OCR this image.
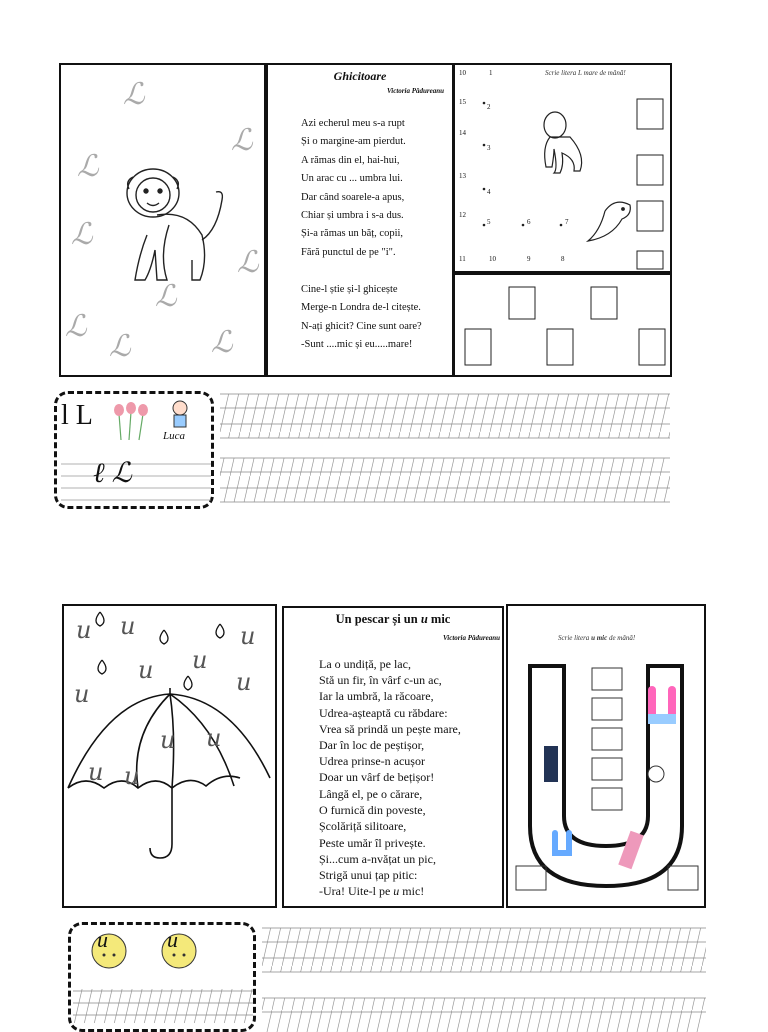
ℒ
ℒ
ℒ
ℒ
ℒ
ℒ
ℒ
ℒ	ℒ
Ghicitoare
Victoria Pădureanu
Azi echerul meu s-a rupt
Și o margine-am pierdut.
A rămas din el, hai-hui,
Un arac cu ... umbra lui.
Dar când soarele-a apus,
Chiar și umbra i s-a dus.
Și-a rămas un băț, copii,
Fără punctul de pe "i".
Cine-l știe și-l ghicește
Merge-n Londra de-l citește.
N-ați ghicit? Cine sunt oare?
-Sunt ....mic și eu.....mare!
Scrie litera L mare de mână!
10	1
15
2
14
3
13
4
12
5	6	7
11	10	9	8
l L
Luca
ℓ ℒ
u u	u
u u
u	u
u u
u u
Un pescar și un u mic
Victoria Pădureanu
La o undiță, pe lac,
Stă un fir, în vârf c-un ac,
Iar la umbră, la răcoare,
Udrea-așteaptă cu răbdare:
Vrea să prindă un pește mare,
Dar în loc de peștișor,
Udrea prinse-n acușor
Doar un vârf de bețișor!
Lângă el, pe o cărare,
O furnică din poveste,
Școlăriță silitoare,
Peste umăr îl privește.
Și...cum a-nvățat un pic,
Strigă unui țap pitic:
-Ura! Uite-l pe u mic!
Scrie litera u mic de mână!
u	u
